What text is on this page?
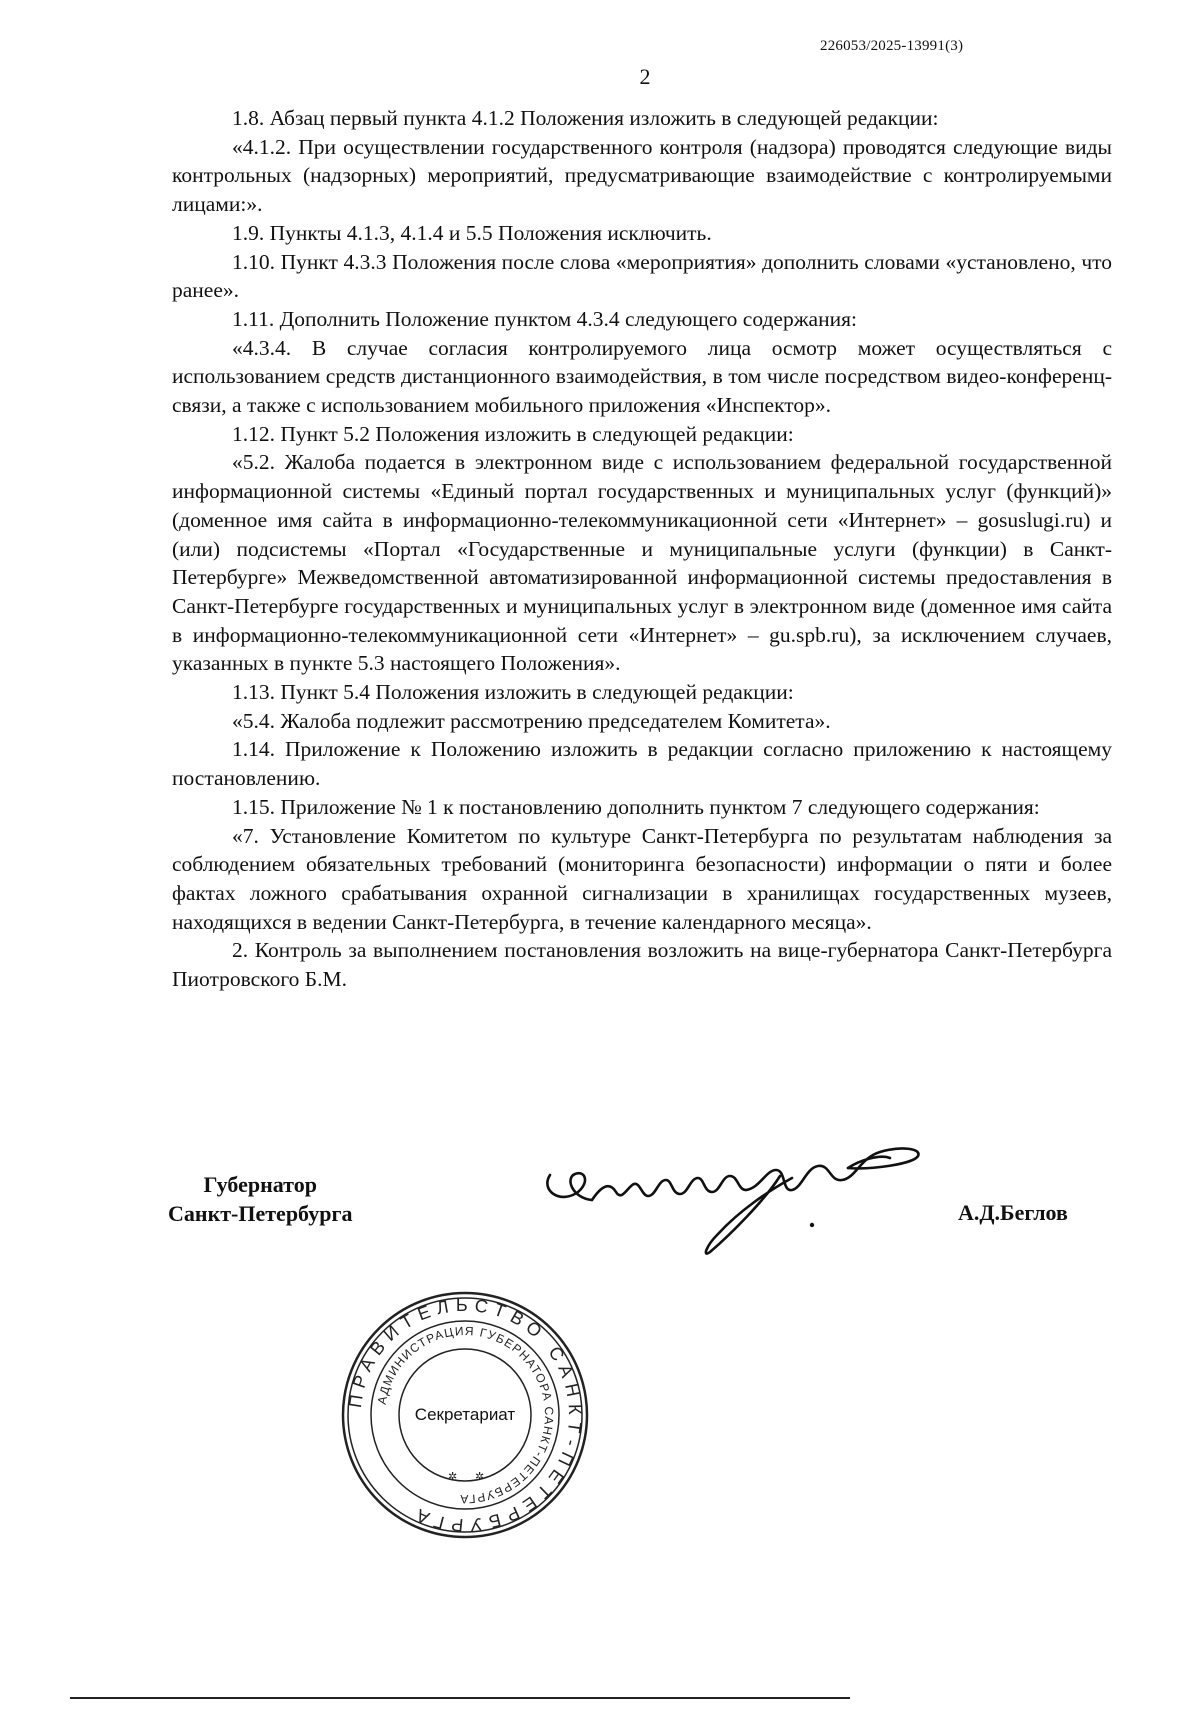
226053/2025-13991(3)
2

1.8. Абзац первый пункта 4.1.2 Положения изложить в следующей редакции:

«4.1.2. При осуществлении государственного контроля (надзора) проводятся следующие виды контрольных (надзорных) мероприятий, предусматривающие взаимодействие с контролируемыми лицами:».

1.9. Пункты 4.1.3, 4.1.4 и 5.5 Положения исключить.

1.10. Пункт 4.3.3 Положения после слова «мероприятия» дополнить словами «установлено, что ранее».

1.11. Дополнить Положение пунктом 4.3.4 следующего содержания:

«4.3.4. В случае согласия контролируемого лица осмотр может осуществляться с использованием средств дистанционного взаимодействия, в том числе посредством видео-конференц-связи, а также с использованием мобильного приложения «Инспектор».

1.12. Пункт 5.2 Положения изложить в следующей редакции:

«5.2. Жалоба подается в электронном виде с использованием федеральной государственной информационной системы «Единый портал государственных и муниципальных услуг (функций)» (доменное имя сайта в информационно-телекоммуникационной сети «Интернет» – gosuslugi.ru) и (или) подсистемы «Портал «Государственные и муниципальные услуги (функции) в Санкт-Петербурге» Межведомственной автоматизированной информационной системы предоставления в Санкт-Петербурге государственных и муниципальных услуг в электронном виде (доменное имя сайта в информационно-телекоммуникационной сети «Интернет» – gu.spb.ru), за исключением случаев, указанных в пункте 5.3 настоящего Положения».

1.13. Пункт 5.4 Положения изложить в следующей редакции:

«5.4. Жалоба подлежит рассмотрению председателем Комитета».

1.14. Приложение к Положению изложить в редакции согласно приложению к настоящему постановлению.

1.15. Приложение № 1 к постановлению дополнить пунктом 7 следующего содержания:

«7. Установление Комитетом по культуре Санкт-Петербурга по результатам наблюдения за соблюдением обязательных требований (мониторинга безопасности) информации о пяти и более фактах ложного срабатывания охранной сигнализации в хранилищах государственных музеев, находящихся в ведении Санкт-Петербурга, в течение календарного месяца».

2. Контроль за выполнением постановления возложить на вице-губернатора Санкт-Петербурга Пиотровского Б.М.

Губернатор
Санкт-Петербурга	А.Д.Беглов
ПРАВИТЕЛЬСТВО САНКТ-ПЕТЕРБУРГА
АДМИНИСТРАЦИЯ ГУБЕРНАТОРА САНКТ-ПЕТЕРБУРГА
✲ ✲
Секретариат
